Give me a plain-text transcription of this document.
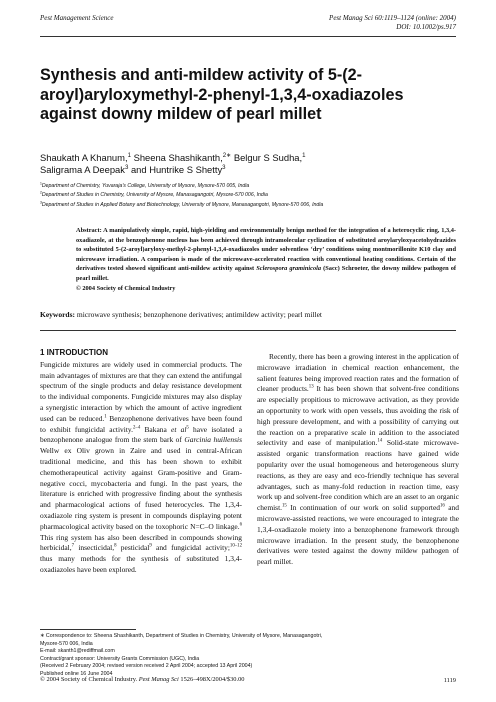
Pest Management Science	Pest Manag Sci 60:1119–1124 (online: 2004)
DOI: 10.1002/ps.917
Synthesis and anti-mildew activity of 5-(2-aroyl)aryloxymethyl-2-phenyl-1,3,4-oxadiazoles against downy mildew of pearl millet
Shaukath A Khanum,$^1$ Sheena Shashikanth,$^{2∗}$ Belgur S Sudha,$^1$
Saligrama A Deepak$^3$ and Huntrike S Shetty$^3$
$^1$Department of Chemistry, Yuvaraja’s College, University of Mysore, Mysore-570 005, India
$^2$Department of Studies in Chemistry, University of Mysore, Manasagangotri, Mysore-570 006, India
$^3$Department of Studies in Applied Botany and Biotechnology, University of Mysore, Manasagangotri, Mysore-570 006, India
Abstract: A manipulatively simple, rapid, high-yielding and environmentally benign method for the integration of a heterocyclic ring, 1,3,4-oxadiazole, at the benzophenone nucleus has been achieved through intramolecular cyclization of substituted aroylaryloxyacetohydrazides to substituted 5-(2-aroyl)aryloxy-methyl-2-phenyl-1,3,4-oxadiazoles under solventless ‘dry’ conditions using montmorillonite K10 clay and microwave irradiation. A comparison is made of the microwave-accelerated reaction with conventional heating conditions. Certain of the derivatives tested showed significant anti-mildew activity against Sclerospora graminicola (Sacc) Schroeter, the downy mildew pathogen of pearl millet.
© 2004 Society of Chemical Industry
Keywords: microwave synthesis; benzophenone derivatives; antimildew activity; pearl millet
1 INTRODUCTION

Fungicide mixtures are widely used in commercial products. The main advantages of mixtures are that they can extend the antifungal spectrum of the single products and delay resistance development to the individual components. Fungicide mixtures may also display a synergistic interaction by which the amount of active ingredient used can be reduced.$^1$ Benzophenone derivatives have been found to exhibit fungicidal activity.$^{2-4}$ Bakana et $al^5$ have isolated a benzophenone analogue from the stem bark of Garcinia huillensis Wellw ex Oliv grown in Zaire and used in central-African traditional medicine, and this has been shown to exhibit chemotherapeutical activity against Gram-positive and Gram-negative cocci, mycobacteria and fungi. In the past years, the literature is enriched with progressive finding about the synthesis and pharmacological actions of fused heterocycles. The 1,3,4-oxadiazole ring system is present in compounds displaying potent pharmacological activity based on the toxophoric N=C–O linkage.$^6$ This ring system has also been described in compounds showing herbicidal,$^7$ insecticidal,$^8$ pesticidal$^9$ and fungicidal activity;$^{10-12}$ thus many methods for the synthesis of substituted 1,3,4-oxadiazoles have been explored.

Recently, there has been a growing interest in the application of microwave irradiation in chemical reaction enhancement, the salient features being improved reaction rates and the formation of cleaner products.$^{13}$ It has been shown that solvent-free conditions are especially propitious to microwave activation, as they provide an opportunity to work with open vessels, thus avoiding the risk of high pressure development, and with a possibility of carrying out the reaction on a preparative scale in addition to the associated selectivity and ease of manipulation.$^{14}$ Solid-state microwave-assisted organic transformation reactions have gained wide popularity over the usual homogeneous and heterogeneous slurry reactions, as they are easy and eco-friendly technique has several advantages, such as many-fold reduction in reaction time, easy work up and solvent-free condition which are an asset to an organic chemist.$^{15}$ In continuation of our work on solid supported$^{16}$ and microwave-assisted reactions, we were encouraged to integrate the 1,3,4-oxadiazole moiety into a benzophenone framework through microwave irradiation. In the present study, the benzophenone derivatives were tested against the downy mildew pathogen of pearl millet.

∗ Correspondence to: Sheena Shashikanth, Department of Studies in Chemistry, University of Mysore, Manasagangotri,
Mysore-570 006, India
E-mail: skanth1@rediffmail.com
Contract/grant sponsor: University Grants Commission (UGC), India
(Received 2 February 2004; revised version received 2 April 2004; accepted 13 April 2004)
Published online 16 June 2004
© 2004 Society of Chemical Industry. Pest Manag Sci 1526–498X/2004/$30.00	1119
